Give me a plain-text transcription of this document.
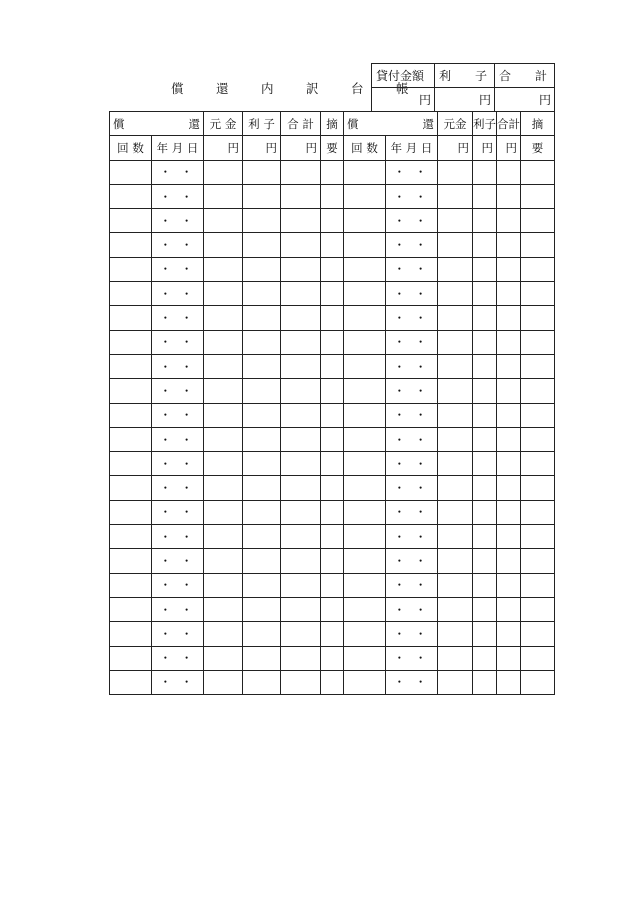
償　還　内　訳　台　帳
貸付金額	利　　子	合　　計
円	円	円
償 還		元 金	利 子	合 計	摘	償 還		元金	利子	合計	摘
回 数	年 月 日	円	円	円	要	回 数	年 月 日	円	円	円	要
	・ ・						・ ・				
	・ ・						・ ・				
	・ ・						・ ・				
	・ ・						・ ・				
	・ ・						・ ・				
	・ ・						・ ・				
	・ ・						・ ・				
	・ ・						・ ・				
	・ ・						・ ・				
	・ ・						・ ・				
	・ ・						・ ・				
	・ ・						・ ・				
	・ ・						・ ・				
	・ ・						・ ・				
	・ ・						・ ・				
	・ ・						・ ・				
	・ ・						・ ・				
	・ ・						・ ・				
	・ ・						・ ・				
	・ ・						・ ・				
	・ ・						・ ・				
	・ ・						・ ・				
